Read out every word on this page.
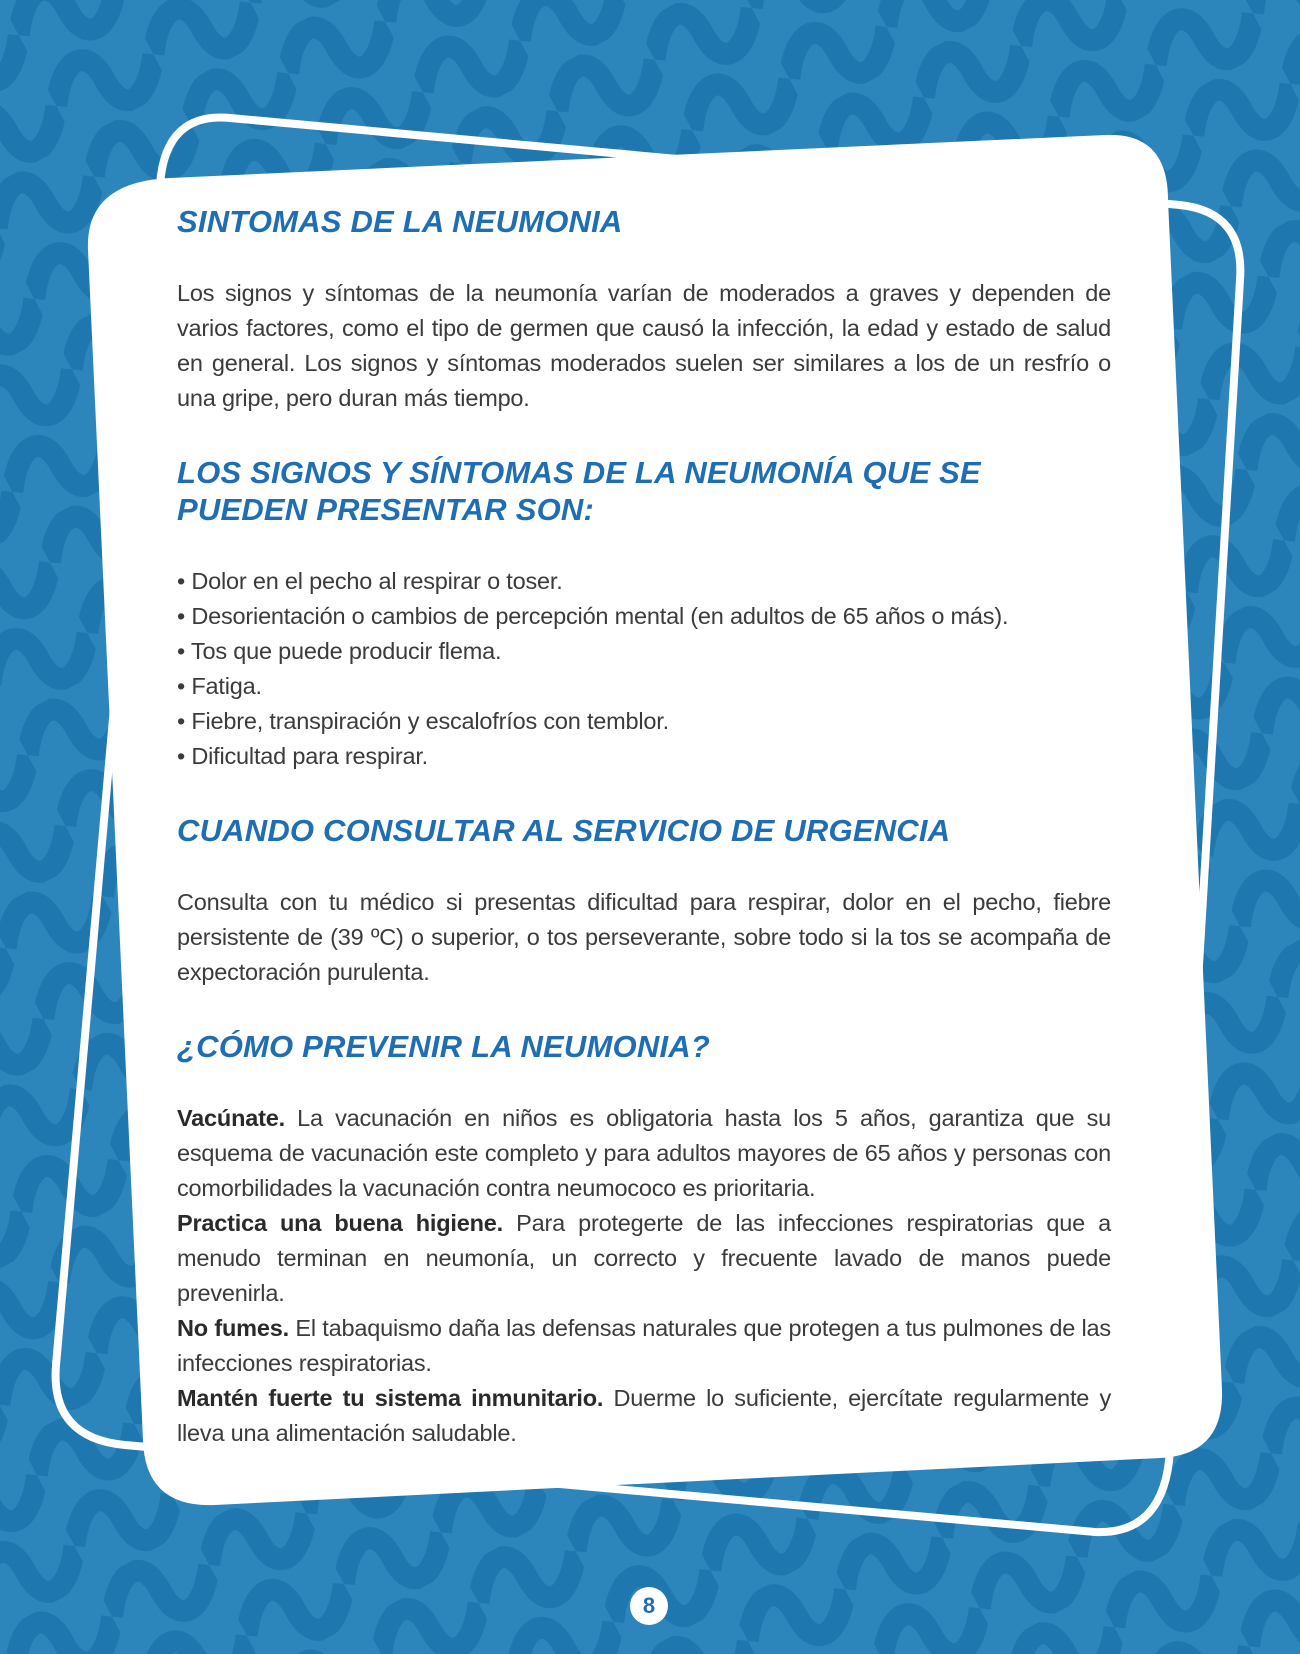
SINTOMAS DE LA NEUMONIA

Los signos y síntomas de la neumonía varían de moderados a graves y dependen de varios factores, como el tipo de germen que causó la infección, la edad y estado de salud en general. Los signos y síntomas moderados suelen ser similares a los de un resfrío o una gripe, pero duran más tiempo.

LOS SIGNOS Y SÍNTOMAS DE LA NEUMONÍA QUE SE PUEDEN PRESENTAR SON:
• Dolor en el pecho al respirar o toser.
• Desorientación o cambios de percepción mental (en adultos de 65 años o más).
• Tos que puede producir flema.
• Fatiga.
• Fiebre, transpiración y escalofríos con temblor.
• Dificultad para respirar.
CUANDO CONSULTAR AL SERVICIO DE URGENCIA

Consulta con tu médico si presentas dificultad para respirar, dolor en el pecho, fiebre persistente de (39 ºC) o superior, o tos perseverante, sobre todo si la tos se acompaña de expectoración purulenta.

¿CÓMO PREVENIR LA NEUMONIA?

Vacúnate. La vacunación en niños es obligatoria hasta los 5 años, garantiza que su esquema de vacunación este completo y para adultos mayores de 65 años y personas con comorbilidades la vacunación contra neumococo es prioritaria.

Practica una buena higiene. Para protegerte de las infecciones respiratorias que a menudo terminan en neumonía, un correcto y frecuente lavado de manos puede prevenirla.

No fumes. El tabaquismo daña las defensas naturales que protegen a tus pulmones de las infecciones respiratorias.

Mantén fuerte tu sistema inmunitario. Duerme lo suficiente, ejercítate regularmente y lleva una alimentación saludable.

8
